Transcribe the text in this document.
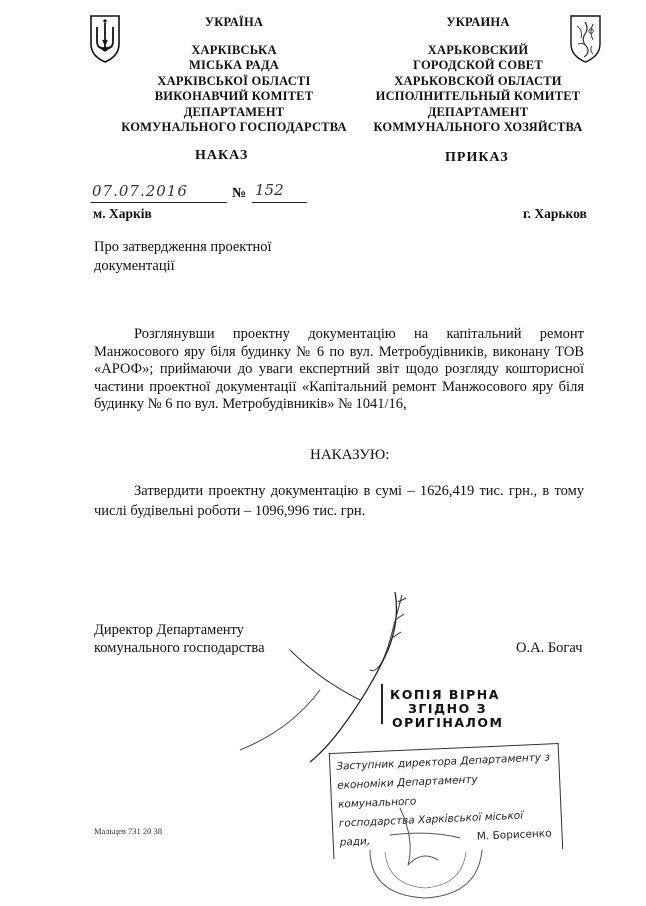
УКРАЇНА
ХАРКІВСЬКА
МІСЬКА РАДА
ХАРКІВСЬКОЇ ОБЛАСТІ
ВИКОНАВЧИЙ КОМІТЕТ
ДЕПАРТАМЕНТ
КОМУНАЛЬНОГО ГОСПОДАРСТВА
УКРАИНА
ХАРЬКОВСКИЙ
ГОРОДСКОЙ СОВЕТ
ХАРЬКОВСКОЙ ОБЛАСТИ
ИСПОЛНИТЕЛЬНЫЙ КОМИТЕТ
ДЕПАРТАМЕНТ
КОММУНАЛЬНОГО ХОЗЯЙСТВА
НАКАЗ	ПРИКАЗ
07.07.2016	№ 152
м. Харків	г. Харьков
Про затвердження проектної
документації
Розглянувши проектну документацію на капітальний ремонт Манжосового яру біля будинку № 6 по вул. Метробудівників, виконану ТОВ «АРОФ»; приймаючи до уваги експертний звіт щодо розгляду кошторисної частини проектної документації «Капітальний ремонт Манжосового яру біля будинку № 6 по вул. Метробудівників» № 1041/16,
НАКАЗУЮ:
Затвердити проектну документацію в сумі – 1626,419 тис. грн., в тому числі будівельні роботи – 1096,996 тис. грн.
Директор Департаменту
комунального господарства	О.А. Богач
КОПІЯ ВІРНА
ЗГІДНО З
ОРИГІНАЛОМ
Заступник директора Департаменту з
економіки Департаменту комунального
господарства Харківської міської ради,	М. Борисенко
Мальцев 731 20 38
